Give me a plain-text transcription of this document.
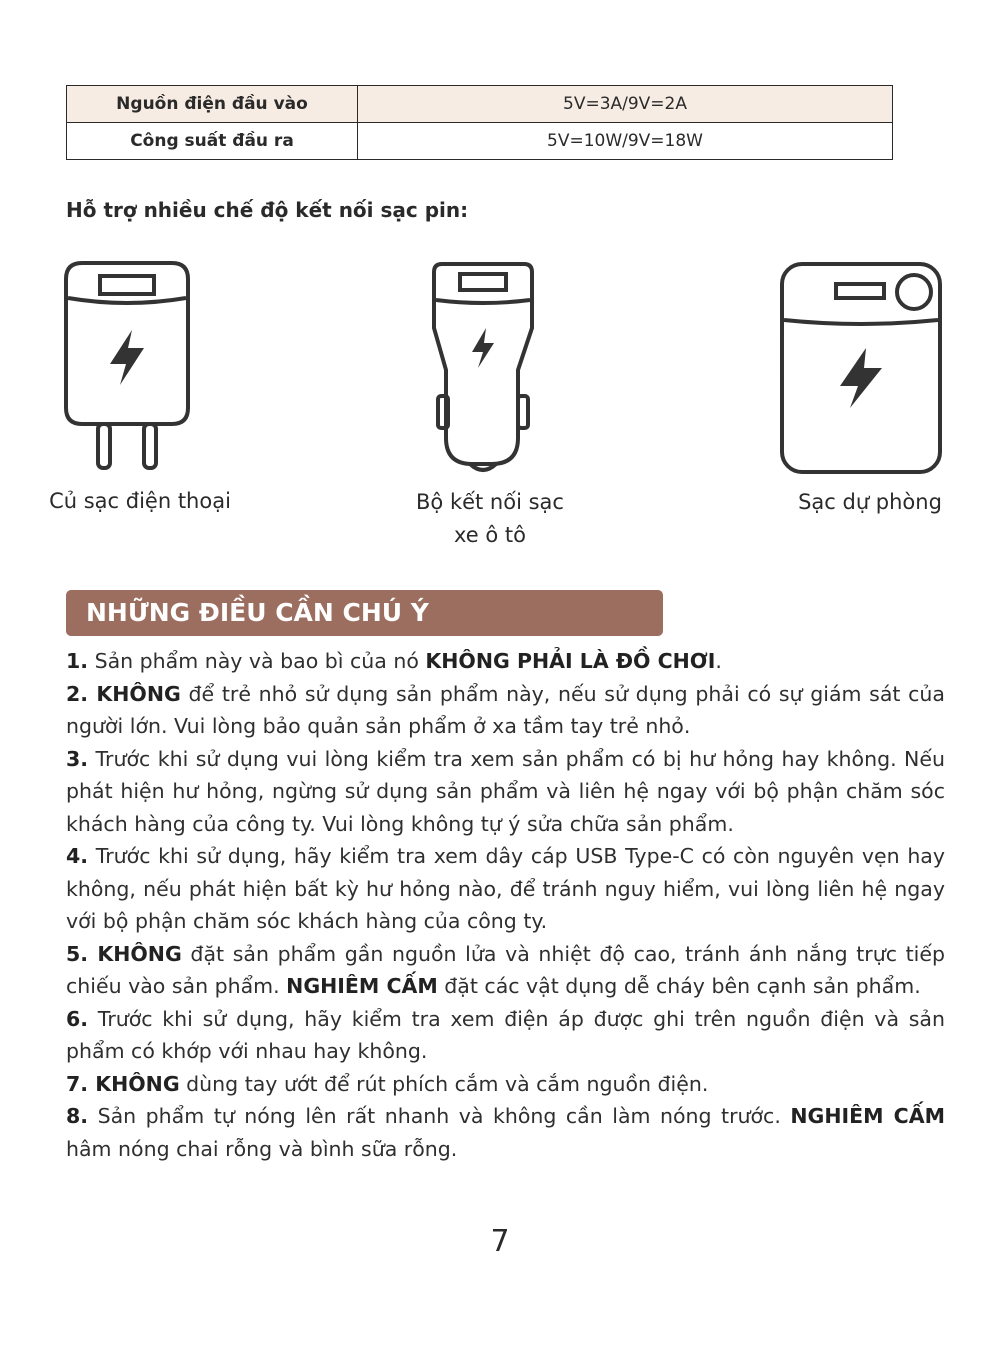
Nguồn điện đầu vào	5V=3A/9V=2A
Công suất đầu ra	5V=10W/9V=18W
Hỗ trợ nhiều chế độ kết nối sạc pin:
Củ sạc điện thoại	Bộ kết nối sạc
xe ô tô
Sạc dự phòng
NHỮNG ĐIỀU CẦN CHÚ Ý

1. Sản phẩm này và bao bì của nó KHÔNG PHẢI LÀ ĐỒ CHƠI.

2. KHÔNG để trẻ nhỏ sử dụng sản phẩm này, nếu sử dụng phải có sự giám sát của người lớn. Vui lòng bảo quản sản phẩm ở xa tầm tay trẻ nhỏ.

3. Trước khi sử dụng vui lòng kiểm tra xem sản phẩm có bị hư hỏng hay không. Nếu phát hiện hư hỏng, ngừng sử dụng sản phẩm và liên hệ ngay với bộ phận chăm sóc khách hàng của công ty. Vui lòng không tự ý sửa chữa sản phẩm.

4. Trước khi sử dụng, hãy kiểm tra xem dây cáp USB Type-C có còn nguyên vẹn hay không, nếu phát hiện bất kỳ hư hỏng nào, để tránh nguy hiểm, vui lòng liên hệ ngay với bộ phận chăm sóc khách hàng của công ty.

5. KHÔNG đặt sản phẩm gần nguồn lửa và nhiệt độ cao, tránh ánh nắng trực tiếp chiếu vào sản phẩm. NGHIÊM CẤM đặt các vật dụng dễ cháy bên cạnh sản phẩm.

6. Trước khi sử dụng, hãy kiểm tra xem điện áp được ghi trên nguồn điện và sản phẩm có khớp với nhau hay không.

7. KHÔNG dùng tay ướt để rút phích cắm và cắm nguồn điện.

8. Sản phẩm tự nóng lên rất nhanh và không cần làm nóng trước. NGHIÊM CẤM hâm nóng chai rỗng và bình sữa rỗng.

7
